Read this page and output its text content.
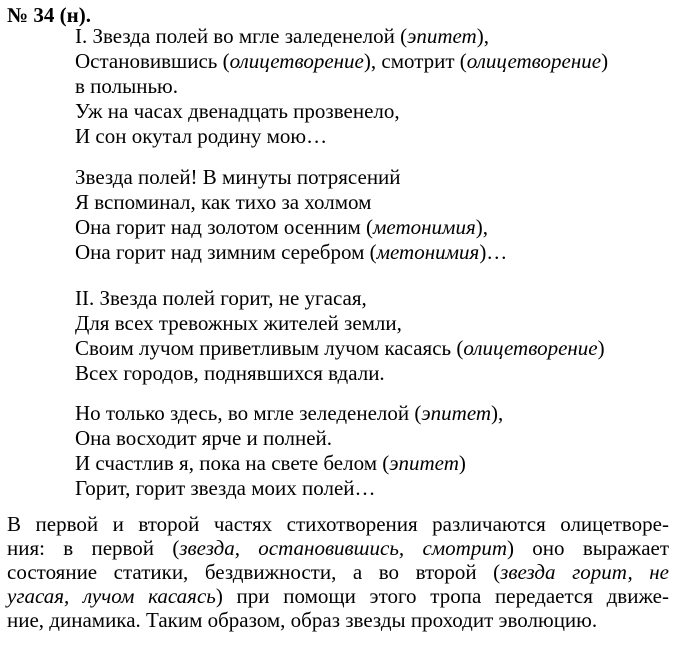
№ 34 (н).
I. Звезда полей во мгле заледенелой (эпитет),
Остановившись (олицетворение), смотрит (олицетворение)
в полынью.
Уж на часах двенадцать прозвенело,
И сон окутал родину мою…
Звезда полей! В минуты потрясений
Я вспоминал, как тихо за холмом
Она горит над золотом осенним (метонимия),
Она горит над зимним серебром (метонимия)…
II. Звезда полей горит, не угасая,
Для всех тревожных жителей земли,
Своим лучом приветливым лучом касаясь (олицетворение)
Всех городов, поднявшихся вдали.
Но только здесь, во мгле зеледенелой (эпитет),
Она восходит ярче и полней.
И счастлив я, пока на свете белом (эпитет)
Горит, горит звезда моих полей…
В первой и второй частях стихотворения различаются олицетворе-
ния: в первой (звезда, остановившись, смотрит) оно выражает
состояние статики, бездвижности, а во второй (звезда горит, не
угасая, лучом касаясь) при помощи этого тропа передается движе-
ние, динамика. Таким образом, образ звезды проходит эволюцию.
